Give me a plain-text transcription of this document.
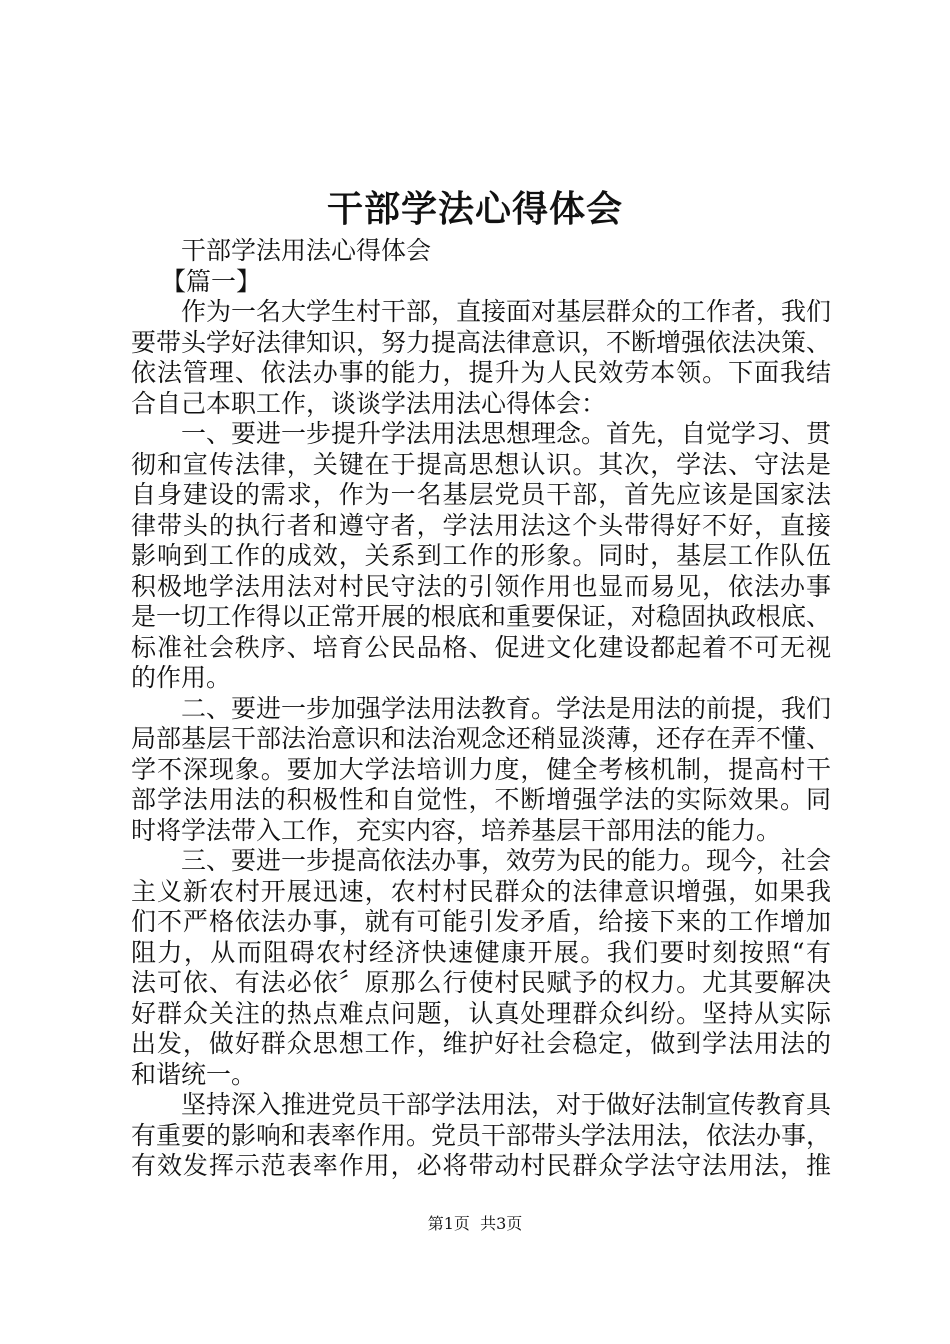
干部学法心得体会
干部学法用法心得体会
【篇一】
作为一名大学生村干部，直接面对基层群众的工作者，我们
要带头学好法律知识，努力提高法律意识，不断增强依法决策、
依法管理、依法办事的能力，提升为人民效劳本领。下面我结
合自己本职工作，谈谈学法用法心得体会：
一、要进一步提升学法用法思想理念。首先，自觉学习、贯
彻和宣传法律，关键在于提高思想认识。其次，学法、守法是
自身建设的需求，作为一名基层党员干部，首先应该是国家法
律带头的执行者和遵守者，学法用法这个头带得好不好，直接
影响到工作的成效，关系到工作的形象。同时，基层工作队伍
积极地学法用法对村民守法的引领作用也显而易见，依法办事
是一切工作得以正常开展的根底和重要保证，对稳固执政根底、
标准社会秩序、培育公民品格、促进文化建设都起着不可无视
的作用。
二、要进一步加强学法用法教育。学法是用法的前提，我们
局部基层干部法治意识和法治观念还稍显淡薄，还存在弄不懂、
学不深现象。要加大学法培训力度，健全考核机制，提高村干
部学法用法的积极性和自觉性，不断增强学法的实际效果。同
时将学法带入工作，充实内容，培养基层干部用法的能力。
三、要进一步提高依法办事，效劳为民的能力。现今，社会
主义新农村开展迅速，农村村民群众的法律意识增强，如果我
们不严格依法办事，就有可能引发矛盾，给接下来的工作增加
阻力，从而阻碍农村经济快速健康开展。我们要时刻按照“有
法可依、有法必依〞原那么行使村民赋予的权力。尤其要解决
好群众关注的热点难点问题，认真处理群众纠纷。坚持从实际
出发，做好群众思想工作，维护好社会稳定，做到学法用法的
和谐统一。
坚持深入推进党员干部学法用法，对于做好法制宣传教育具
有重要的影响和表率作用。党员干部带头学法用法，依法办事，
有效发挥示范表率作用，必将带动村民群众学法守法用法，推
第1页  共3页
